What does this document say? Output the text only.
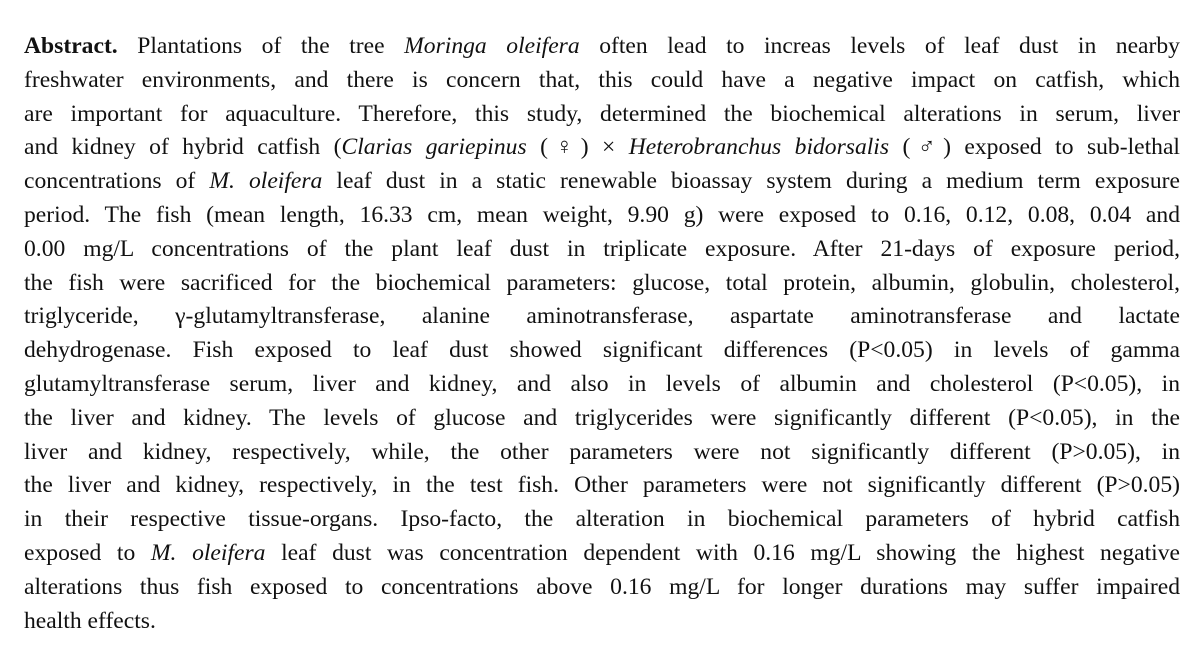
Abstract. Plantations of the tree Moringa oleifera often lead to increas levels of leaf dust in nearby
freshwater environments, and there is concern that, this could have a negative impact on catfish, which
are important for aquaculture. Therefore, this study, determined the biochemical alterations in serum, liver
and kidney of hybrid catfish (Clarias gariepinus (♀) × Heterobranchus bidorsalis (♂) exposed to sub-lethal
concentrations of M. oleifera leaf dust in a static renewable bioassay system during a medium term exposure
period. The fish (mean length, 16.33 cm, mean weight, 9.90 g) were exposed to 0.16, 0.12, 0.08, 0.04 and
0.00 mg/L concentrations of the plant leaf dust in triplicate exposure. After 21-days of exposure period,
the fish were sacrificed for the biochemical parameters: glucose, total protein, albumin, globulin, cholesterol,
triglyceride, γ-glutamyltransferase, alanine aminotransferase, aspartate aminotransferase and lactate
dehydrogenase. Fish exposed to leaf dust showed significant differences (P<0.05) in levels of gamma
glutamyltransferase serum, liver and kidney, and also in levels of albumin and cholesterol (P<0.05), in
the liver and kidney. The levels of glucose and triglycerides were significantly different (P<0.05), in the
liver and kidney, respectively, while, the other parameters were not significantly different (P>0.05), in
the liver and kidney, respectively, in the test fish. Other parameters were not significantly different (P>0.05)
in their respective tissue-organs. Ipso-facto, the alteration in biochemical parameters of hybrid catfish
exposed to M. oleifera leaf dust was concentration dependent with 0.16 mg/L showing the highest negative
alterations thus fish exposed to concentrations above 0.16 mg/L for longer durations may suffer impaired
health effects.
